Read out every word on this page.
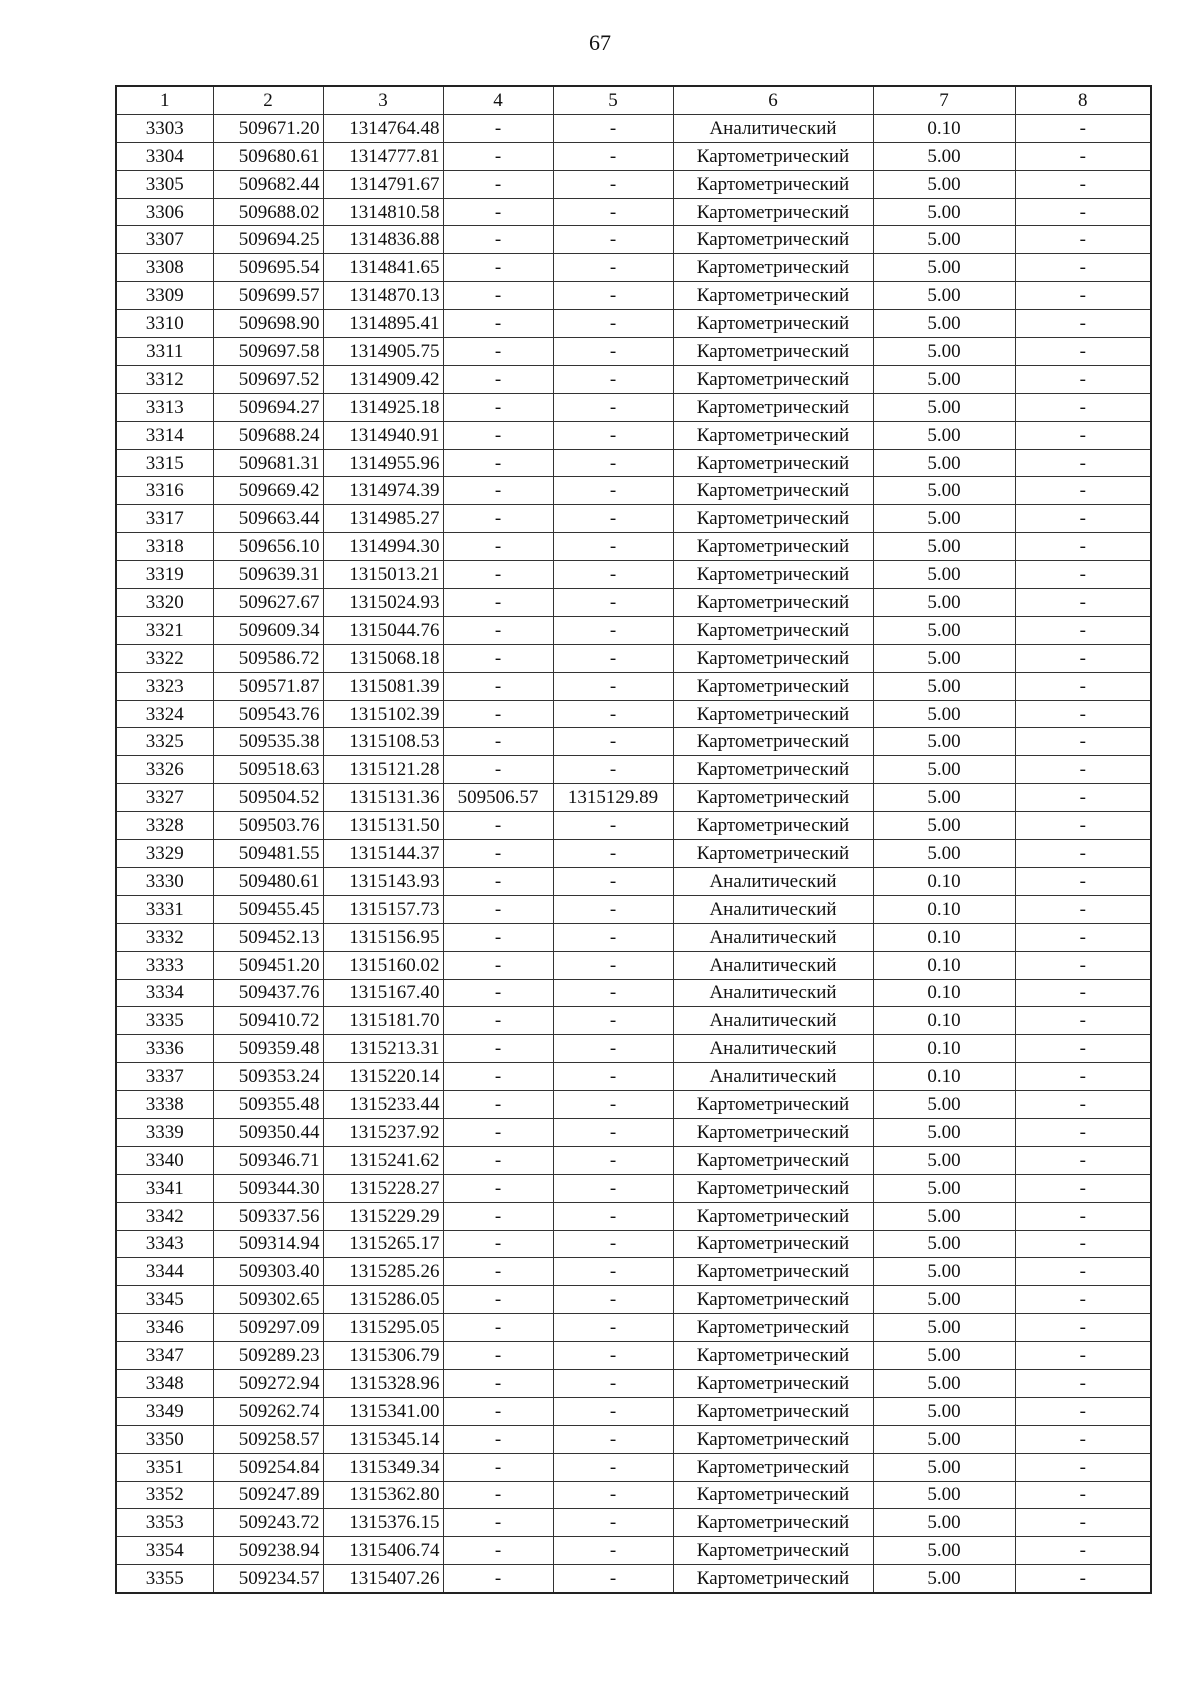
67
1	2	3	4	5	6	7	8
3303	509671.20	1314764.48	-	-	Аналитический	0.10	-
3304	509680.61	1314777.81	-	-	Картометрический	5.00	-
3305	509682.44	1314791.67	-	-	Картометрический	5.00	-
3306	509688.02	1314810.58	-	-	Картометрический	5.00	-
3307	509694.25	1314836.88	-	-	Картометрический	5.00	-
3308	509695.54	1314841.65	-	-	Картометрический	5.00	-
3309	509699.57	1314870.13	-	-	Картометрический	5.00	-
3310	509698.90	1314895.41	-	-	Картометрический	5.00	-
3311	509697.58	1314905.75	-	-	Картометрический	5.00	-
3312	509697.52	1314909.42	-	-	Картометрический	5.00	-
3313	509694.27	1314925.18	-	-	Картометрический	5.00	-
3314	509688.24	1314940.91	-	-	Картометрический	5.00	-
3315	509681.31	1314955.96	-	-	Картометрический	5.00	-
3316	509669.42	1314974.39	-	-	Картометрический	5.00	-
3317	509663.44	1314985.27	-	-	Картометрический	5.00	-
3318	509656.10	1314994.30	-	-	Картометрический	5.00	-
3319	509639.31	1315013.21	-	-	Картометрический	5.00	-
3320	509627.67	1315024.93	-	-	Картометрический	5.00	-
3321	509609.34	1315044.76	-	-	Картометрический	5.00	-
3322	509586.72	1315068.18	-	-	Картометрический	5.00	-
3323	509571.87	1315081.39	-	-	Картометрический	5.00	-
3324	509543.76	1315102.39	-	-	Картометрический	5.00	-
3325	509535.38	1315108.53	-	-	Картометрический	5.00	-
3326	509518.63	1315121.28	-	-	Картометрический	5.00	-
3327	509504.52	1315131.36	509506.57	1315129.89	Картометрический	5.00	-
3328	509503.76	1315131.50	-	-	Картометрический	5.00	-
3329	509481.55	1315144.37	-	-	Картометрический	5.00	-
3330	509480.61	1315143.93	-	-	Аналитический	0.10	-
3331	509455.45	1315157.73	-	-	Аналитический	0.10	-
3332	509452.13	1315156.95	-	-	Аналитический	0.10	-
3333	509451.20	1315160.02	-	-	Аналитический	0.10	-
3334	509437.76	1315167.40	-	-	Аналитический	0.10	-
3335	509410.72	1315181.70	-	-	Аналитический	0.10	-
3336	509359.48	1315213.31	-	-	Аналитический	0.10	-
3337	509353.24	1315220.14	-	-	Аналитический	0.10	-
3338	509355.48	1315233.44	-	-	Картометрический	5.00	-
3339	509350.44	1315237.92	-	-	Картометрический	5.00	-
3340	509346.71	1315241.62	-	-	Картометрический	5.00	-
3341	509344.30	1315228.27	-	-	Картометрический	5.00	-
3342	509337.56	1315229.29	-	-	Картометрический	5.00	-
3343	509314.94	1315265.17	-	-	Картометрический	5.00	-
3344	509303.40	1315285.26	-	-	Картометрический	5.00	-
3345	509302.65	1315286.05	-	-	Картометрический	5.00	-
3346	509297.09	1315295.05	-	-	Картометрический	5.00	-
3347	509289.23	1315306.79	-	-	Картометрический	5.00	-
3348	509272.94	1315328.96	-	-	Картометрический	5.00	-
3349	509262.74	1315341.00	-	-	Картометрический	5.00	-
3350	509258.57	1315345.14	-	-	Картометрический	5.00	-
3351	509254.84	1315349.34	-	-	Картометрический	5.00	-
3352	509247.89	1315362.80	-	-	Картометрический	5.00	-
3353	509243.72	1315376.15	-	-	Картометрический	5.00	-
3354	509238.94	1315406.74	-	-	Картометрический	5.00	-
3355	509234.57	1315407.26	-	-	Картометрический	5.00	-
